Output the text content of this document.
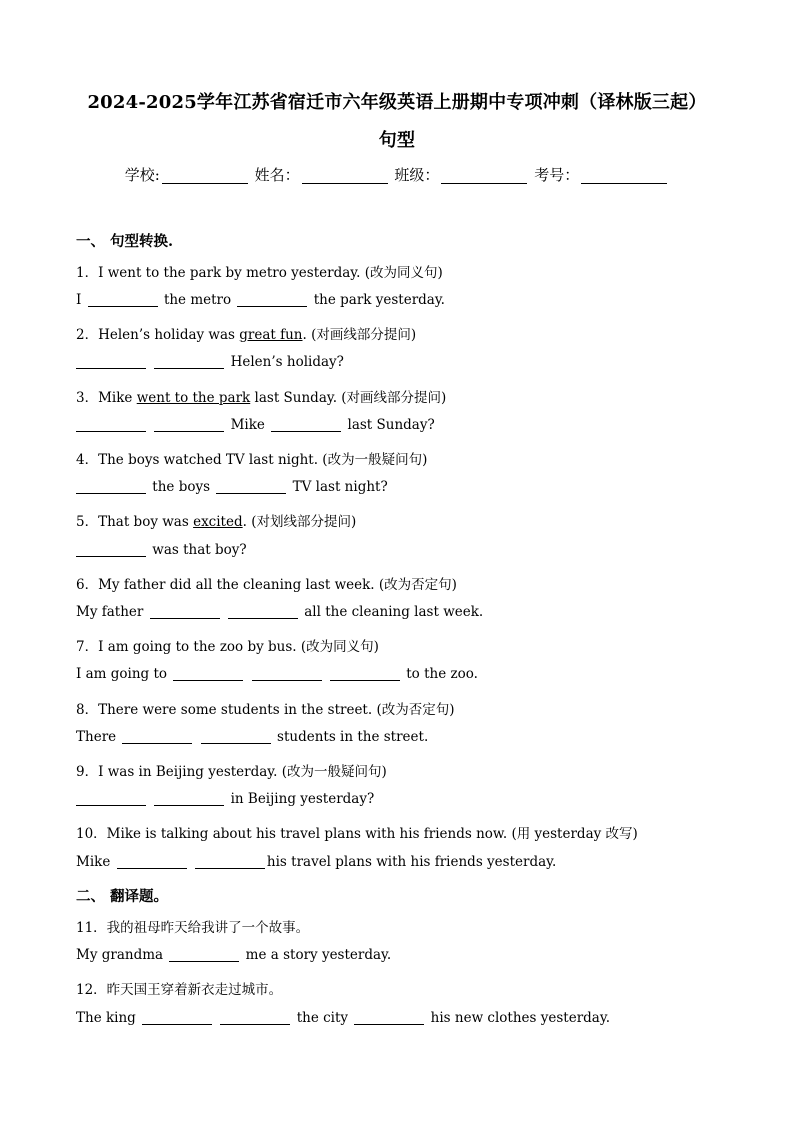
2024-2025学年江苏省宿迁市六年级英语上册期中专项冲刺（译林版三起）
句型
学校:	姓名：	班级：	考号：
一、 句型转换.
1．I went to the park by metro yesterday. (改为同义句)
I	the metro	the park yesterday.
2．Helen’s holiday was great fun. (对画线部分提问)
Helen’s holiday?
3．Mike went to the park last Sunday. (对画线部分提问)
Mike	last Sunday?
4．The boys watched TV last night. (改为一般疑问句)
the boys	TV last night?
5．That boy was excited. (对划线部分提问)
was that boy?
6．My father did all the cleaning last week. (改为否定句)
My father	all the cleaning last week.
7．I am going to the zoo by bus. (改为同义句)
I am going to	to the zoo.
8．There were some students in the street. (改为否定句)
There	students in the street.
9．I was in Beijing yesterday. (改为一般疑问句)
in Beijing yesterday?
10．Mike is talking about his travel plans with his friends now. (用 yesterday 改写)
Mike	his travel plans with his friends yesterday.
二、 翻译题。
11．我的祖母昨天给我讲了一个故事。
My grandma	me a story yesterday.
12．昨天国王穿着新衣走过城市。
The king	the city	his new clothes yesterday.
